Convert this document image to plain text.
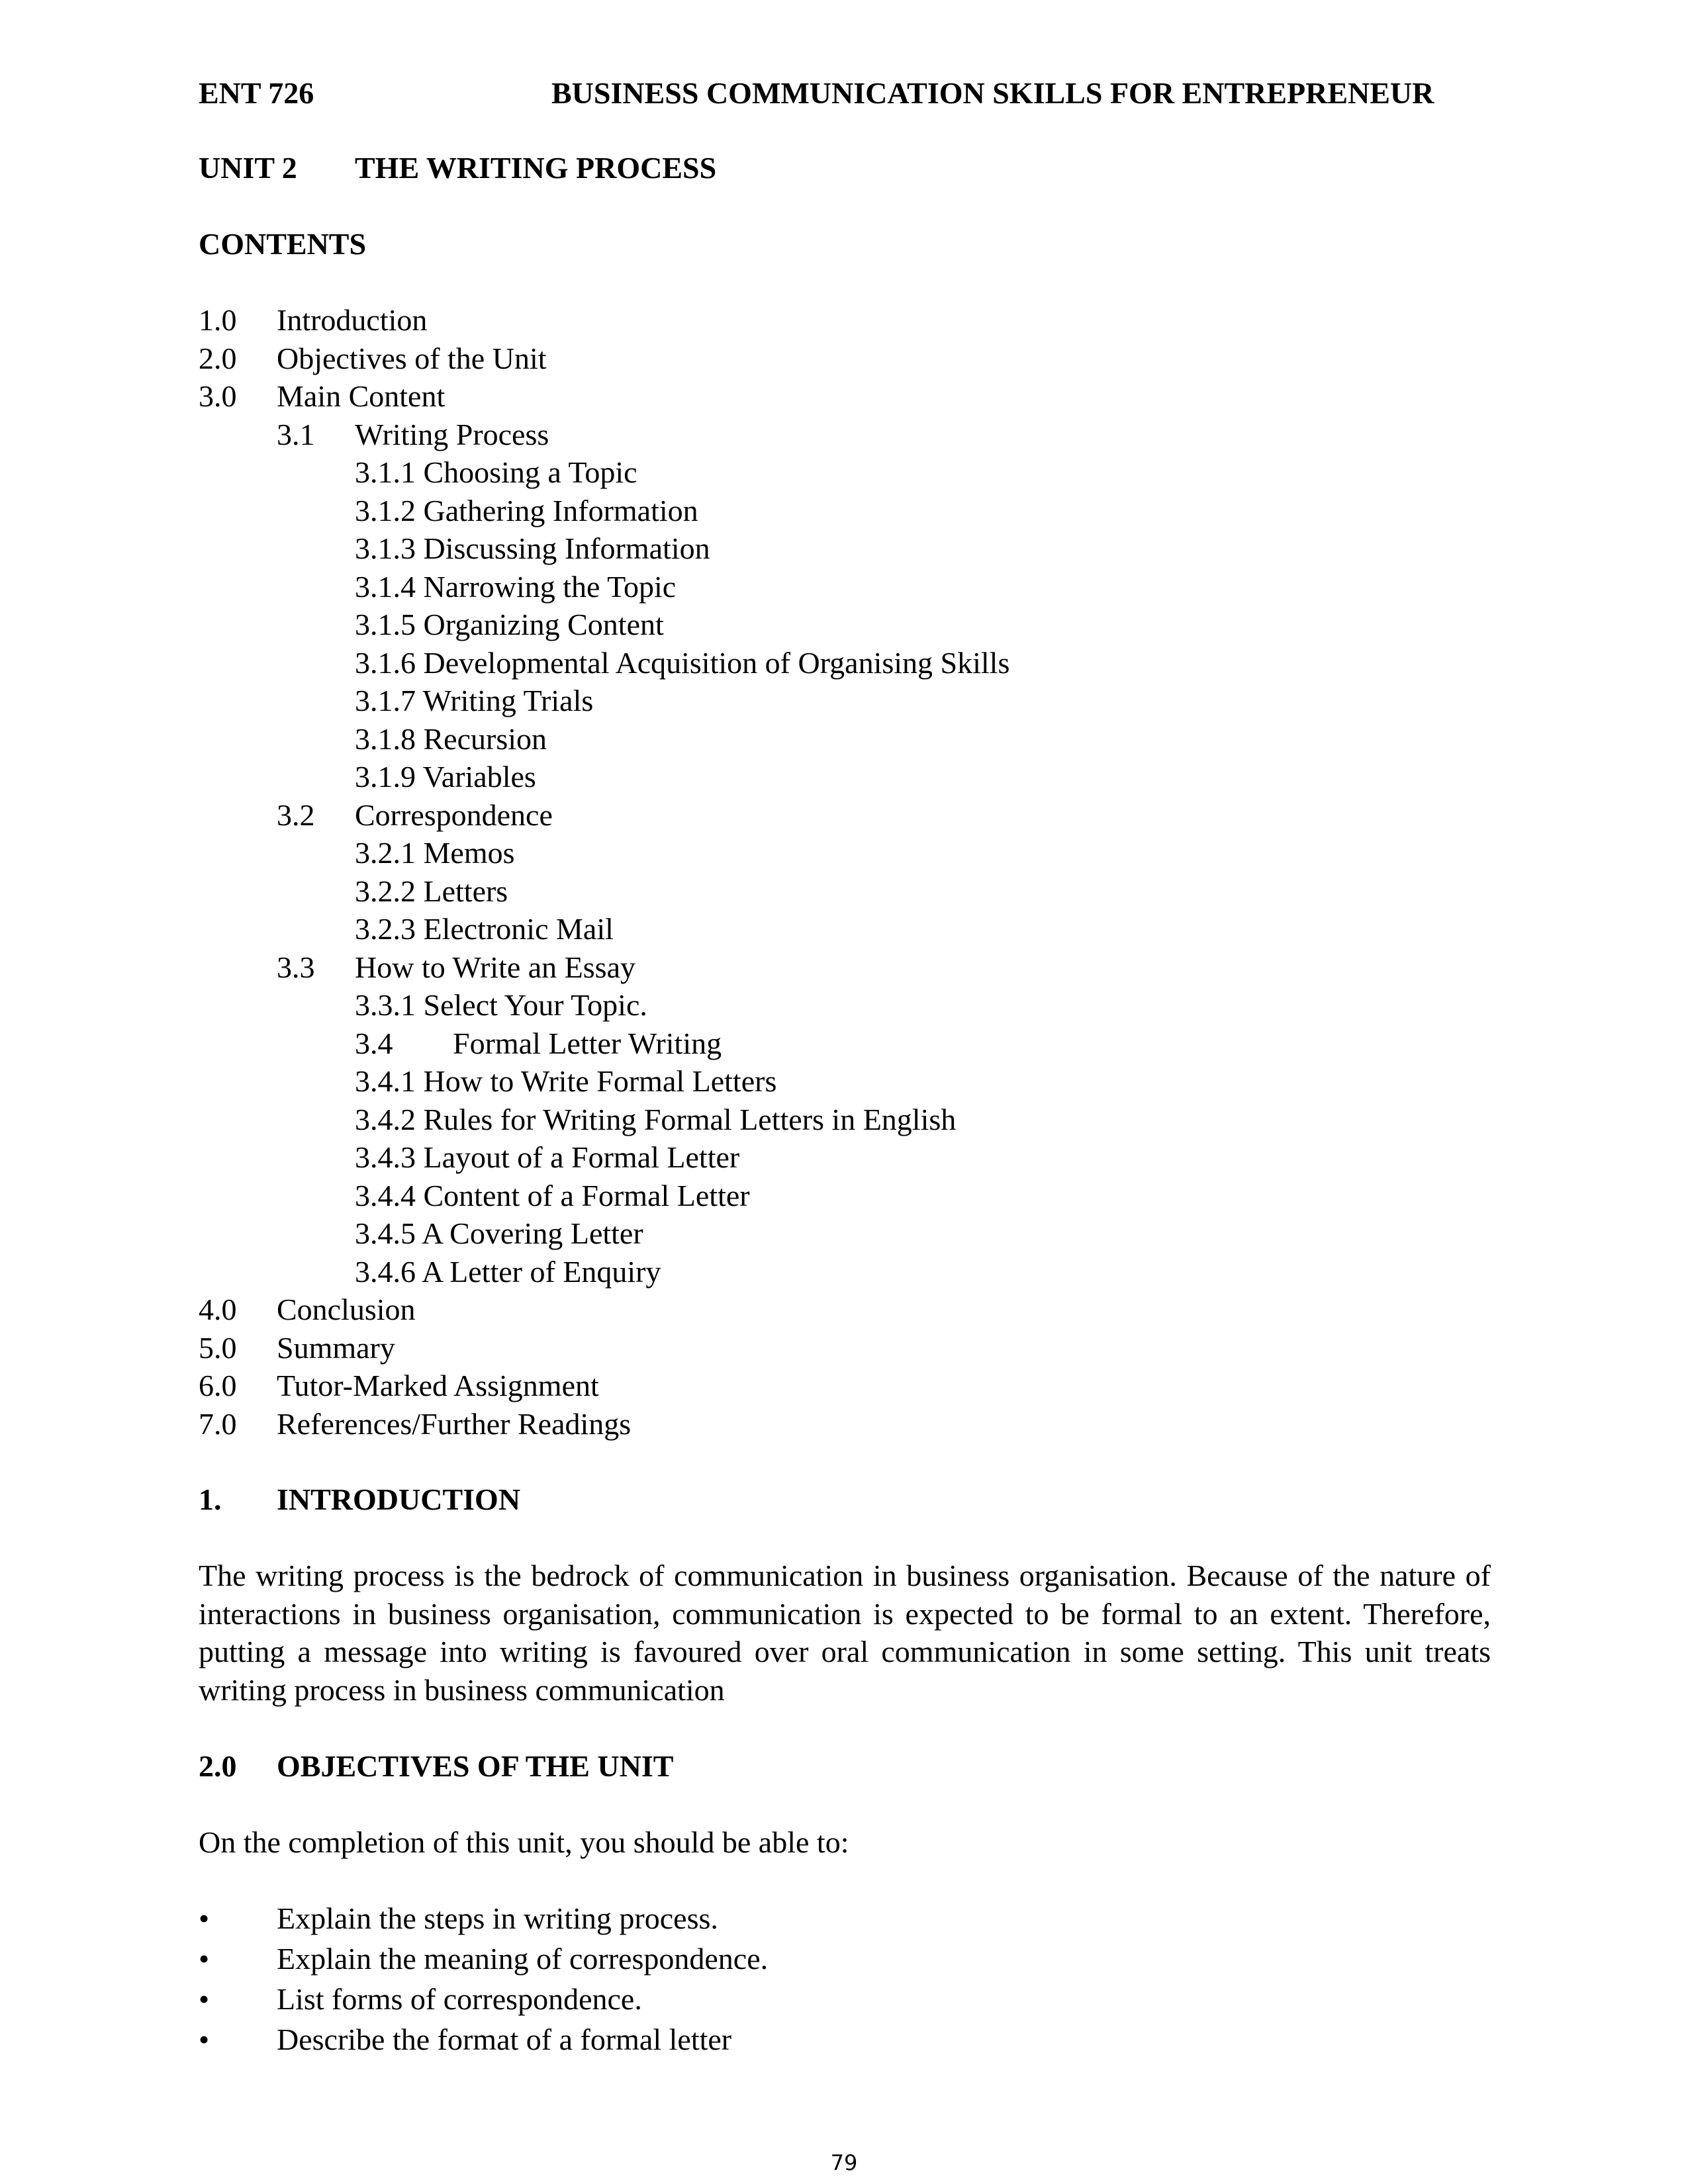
ENT 726	BUSINESS COMMUNICATION SKILLS FOR ENTREPRENEUR
UNIT 2 THE WRITING PROCESS
CONTENTS
1.0 Introduction
2.0 Objectives of the Unit
3.0 Main Content
3.1 Writing Process
3.1.1 Choosing a Topic
3.1.2 Gathering Information
3.1.3 Discussing Information
3.1.4 Narrowing the Topic
3.1.5 Organizing Content
3.1.6 Developmental Acquisition of Organising Skills
3.1.7 Writing Trials
3.1.8 Recursion
3.1.9 Variables
3.2 Correspondence
3.2.1 Memos
3.2.2 Letters
3.2.3 Electronic Mail
3.3 How to Write an Essay
3.3.1 Select Your Topic.
3.4 Formal Letter Writing
3.4.1 How to Write Formal Letters
3.4.2 Rules for Writing Formal Letters in English
3.4.3 Layout of a Formal Letter
3.4.4 Content of a Formal Letter
3.4.5 A Covering Letter
3.4.6 A Letter of Enquiry
4.0 Conclusion
5.0 Summary
6.0 Tutor-Marked Assignment
7.0 References/Further Readings
1. INTRODUCTION

The writing process is the bedrock of communication in business organisation. Because of the nature of interactions in business organisation, communication is expected to be formal to an extent. Therefore, putting a message into writing is favoured over oral communication in some setting. This unit treats writing process in business communication

2.0 OBJECTIVES OF THE UNIT
On the completion of this unit, you should be able to:
• Explain the steps in writing process.
• Explain the meaning of correspondence.
• List forms of correspondence.
• Describe the format of a formal letter
79
